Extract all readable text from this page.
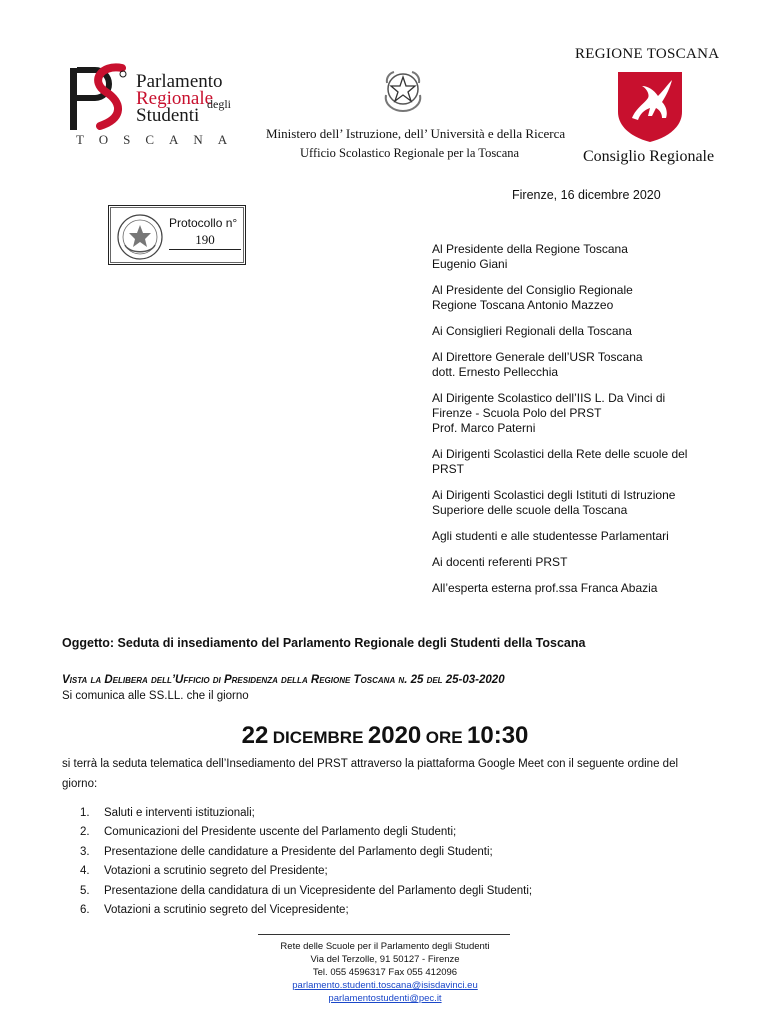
Parlamento
Regionale
degli
Studenti
TOSCANA Ministero dell’ Istruzione, dell’ Università e della Ricerca
Ufficio Scolastico Regionale per la Toscana
REGIONE TOSCANA
Consiglio Regionale
Firenze, 16 dicembre 2020
Protocollo n°
190
Al Presidente della Regione Toscana
Eugenio Giani
Al Presidente del Consiglio Regionale
Regione Toscana Antonio Mazzeo
Ai Consiglieri Regionali della Toscana
Al Direttore Generale dell’USR Toscana
dott. Ernesto Pellecchia
Al Dirigente Scolastico dell’IIS L. Da Vinci di
Firenze - Scuola Polo del PRST
Prof. Marco Paterni
Ai Dirigenti Scolastici della Rete delle scuole del
PRST
Ai Dirigenti Scolastici degli Istituti di Istruzione
Superiore delle scuole della Toscana
Agli studenti e alle studentesse Parlamentari
Ai docenti referenti PRST
All’esperta esterna prof.ssa Franca Abazia
Oggetto: Seduta di insediamento del Parlamento Regionale degli Studenti della Toscana
Vista la Delibera dell’Ufficio di Presidenza della Regione Toscana n. 25 del 25-03-2020
Si comunica alle SS.LL. che il giorno
22 DICEMBRE 2020 ORE 10:30
si terrà la seduta telematica dell’Insediamento del PRST attraverso la piattaforma Google Meet con il seguente ordine del giorno:
1. Saluti e interventi istituzionali;
2. Comunicazioni del Presidente uscente del Parlamento degli Studenti;
3. Presentazione delle candidature a Presidente del Parlamento degli Studenti;
4. Votazioni a scrutinio segreto del Presidente;
5. Presentazione della candidatura di un Vicepresidente del Parlamento degli Studenti;
6. Votazioni a scrutinio segreto del Vicepresidente;
Rete delle Scuole per il Parlamento degli Studenti
Via del Terzolle, 91 50127 - Firenze
Tel. 055 4596317 Fax 055 412096
parlamento.studenti.toscana@isisdavinci.eu
parlamentostudenti@pec.it
